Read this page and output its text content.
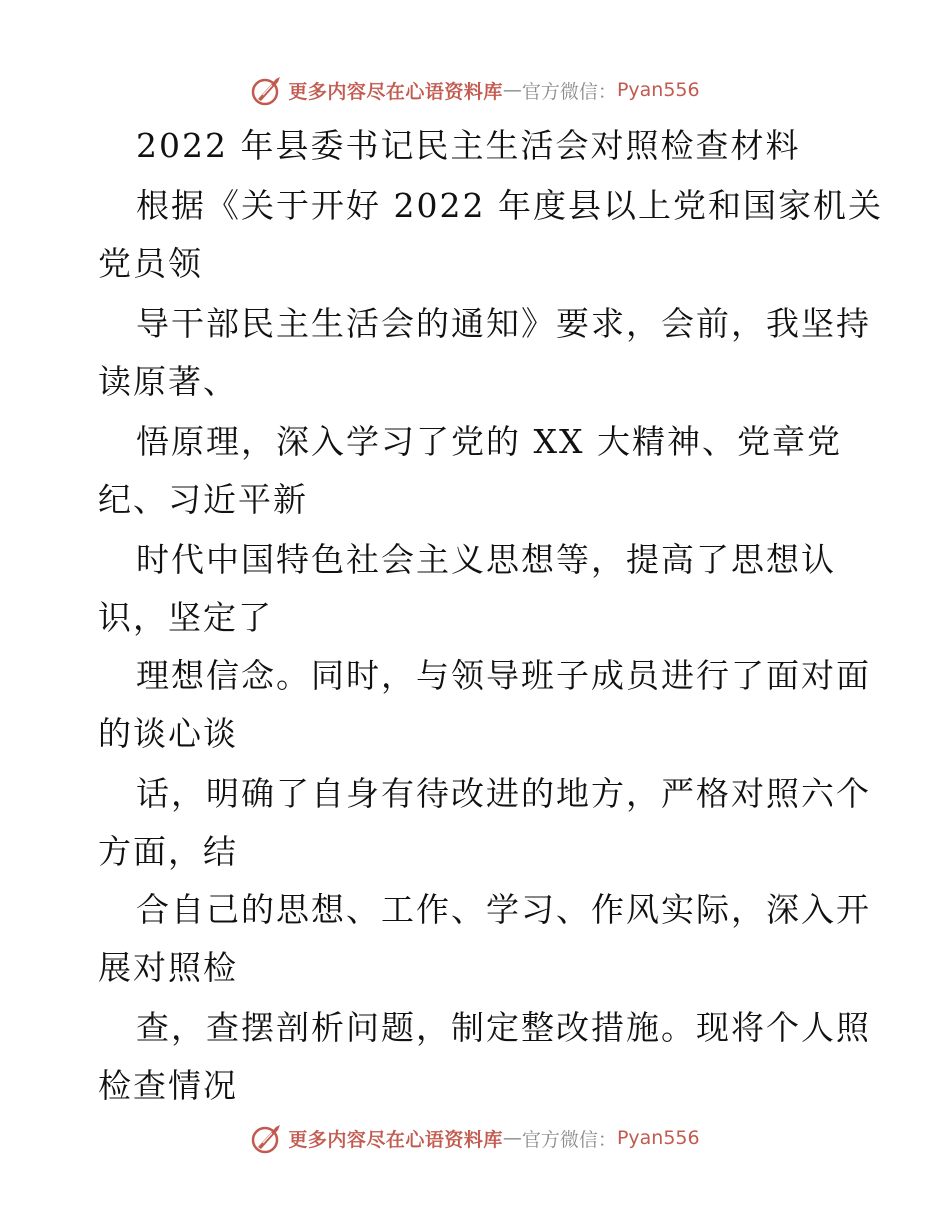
更多内容尽在心语资料库 — 官方微信： Pyan556
2022 年县委书记民主生活会对照检查材料
根据《关于开好 2022 年度县以上党和国家机关
党员领
导干部民主生活会的通知》要求，会前，我坚持
读原著、
悟原理，深入学习了党的 XX 大精神、党章党
纪、习近平新
时代中国特色社会主义思想等，提高了思想认
识，坚定了
理想信念。同时，与领导班子成员进行了面对面
的谈心谈
话，明确了自身有待改进的地方，严格对照六个
方面，结
合自己的思想、工作、学习、作风实际，深入开
展对照检
查，查摆剖析问题，制定整改措施。现将个人照
检查情况
更多内容尽在心语资料库 — 官方微信： Pyan556
